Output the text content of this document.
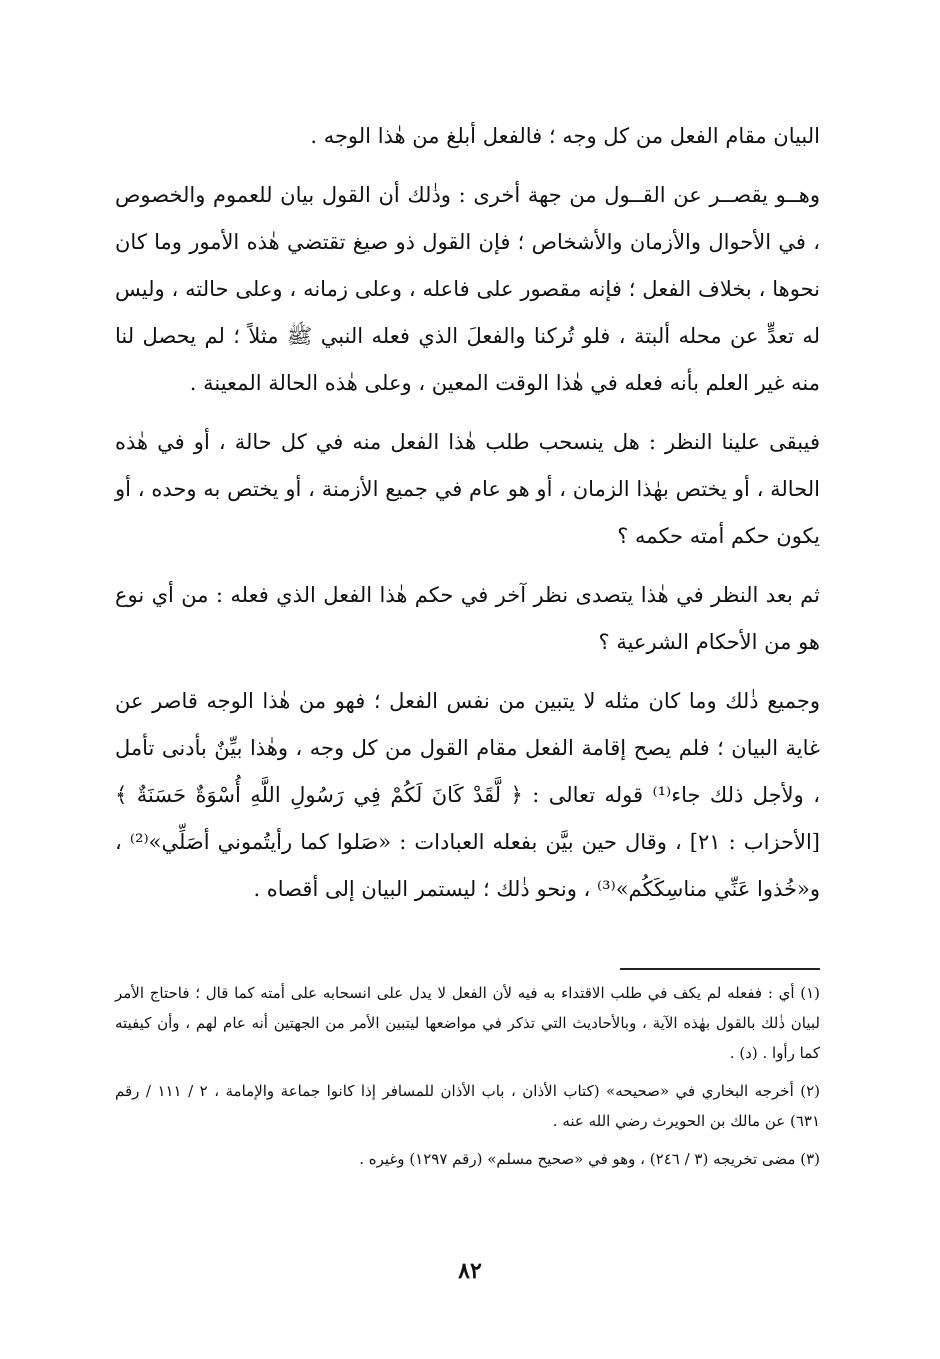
البيان مقام الفعل من كل وجه ؛ فالفعل أبلغ من هٰذا الوجه .

وهــو يقصــر عن القــول من جهة أخرى : وذٰلك أن القول بيان للعموم والخصوص ، في الأحوال والأزمان والأشخاص ؛ فإن القول ذو صيغ تقتضي هٰذه الأمور وما كان نحوها ، بخلاف الفعل ؛ فإنه مقصور على فاعله ، وعلى زمانه ، وعلى حالته ، وليس له تعدٍّ عن محله ألبتة ، فلو تُركنا والفعلَ الذي فعله النبي ﷺ مثلاً ؛ لم يحصل لنا منه غير العلم بأنه فعله في هٰذا الوقت المعين ، وعلى هٰذه الحالة المعينة .

فيبقى علينا النظر : هل ينسحب طلب هٰذا الفعل منه في كل حالة ، أو في هٰذه الحالة ، أو يختص بهٰذا الزمان ، أو هو عام في جميع الأزمنة ، أو يختص به وحده ، أو يكون حكم أمته حكمه ؟

ثم بعد النظر في هٰذا يتصدى نظر آخر في حكم هٰذا الفعل الذي فعله : من أي نوع هو من الأحكام الشرعية ؟

وجميع ذٰلك وما كان مثله لا يتبين من نفس الفعل ؛ فهو من هٰذا الوجه قاصر عن غاية البيان ؛ فلم يصح إقامة الفعل مقام القول من كل وجه ، وهٰذا بيِّنٌ بأدنى تأمل ، ولأجل ذلك جاء⁽¹⁾ قوله تعالى : ﴿ لَّقَدْ كَانَ لَكُمْ فِي رَسُولِ اللَّهِ أُسْوَةٌ حَسَنَةٌ ﴾ [الأحزاب : ٢١] ، وقال حين بيَّن بفعله العبادات : «صَلوا كما رأيتُموني أصَلِّي»⁽²⁾ ، و«خُذوا عَنِّي مناسِكَكُم»⁽³⁾ ، ونحو ذٰلك ؛ ليستمر البيان إلى أقصاه .

(١) أي : ففعله لم يكف في طلب الاقتداء به فيه لأن الفعل لا يدل على انسحابه على أمته كما قال ؛ فاحتاج الأمر لبيان ذٰلك بالقول بهٰذه الآية ، وبالأحاديث التي تذكر في مواضعها ليتبين الأمر من الجهتين أنه عام لهم ، وأن كيفيته كما رأوا . (د) .

(٢) أخرجه البخاري في «صحيحه» (كتاب الأذان ، باب الأذان للمسافر إذا كانوا جماعة والإمامة ، ٢ / ١١١ / رقم ٦٣١) عن مالك بن الحويرث رضي الله عنه .

(٣) مضى تخريجه (٣ / ٢٤٦) ، وهو في «صحيح مسلم» (رقم ١٢٩٧) وغيره .

٨٢
